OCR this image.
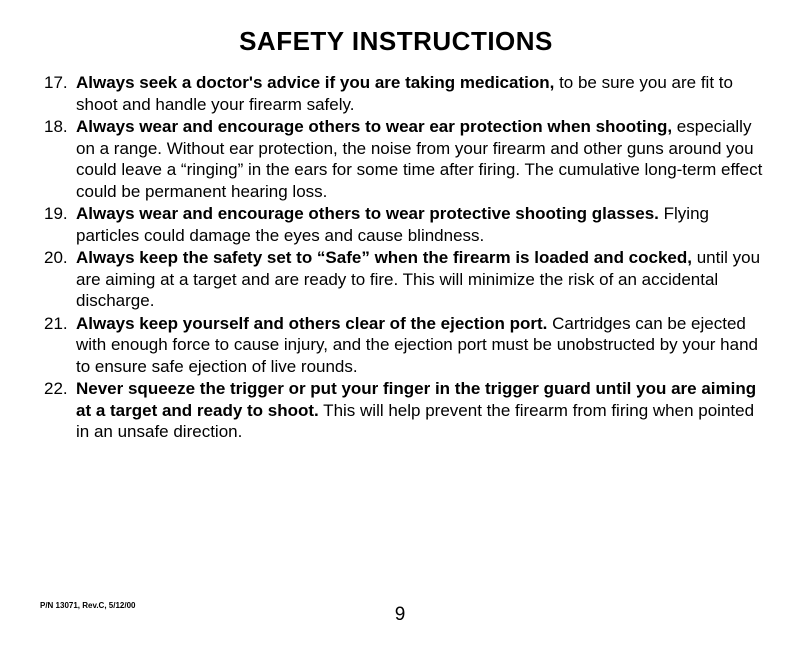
SAFETY INSTRUCTIONS
17. Always seek a doctor's advice if you are taking medication, to be sure you are fit to shoot and handle your firearm safely.
18. Always wear and encourage others to wear ear protection when shooting, especially on a range. Without ear protection, the noise from your firearm and other guns around you could leave a “ringing” in the ears for some time after firing. The cumulative long-term effect could be permanent hearing loss.
19. Always wear and encourage others to wear protective shooting glasses. Flying particles could damage the eyes and cause blindness.
20. Always keep the safety set to “Safe” when the firearm is loaded and cocked, until you are aiming at a target and are ready to fire. This will minimize the risk of an accidental discharge.
21. Always keep yourself and others clear of the ejection port. Cartridges can be ejected with enough force to cause injury, and the ejection port must be unobstructed by your hand to ensure safe ejection of live rounds.
22. Never squeeze the trigger or put your finger in the trigger guard until you are aiming at a target and ready to shoot. This will help prevent the firearm from firing when pointed in an unsafe direction.
P/N 13071, Rev.C, 5/12/00	9
